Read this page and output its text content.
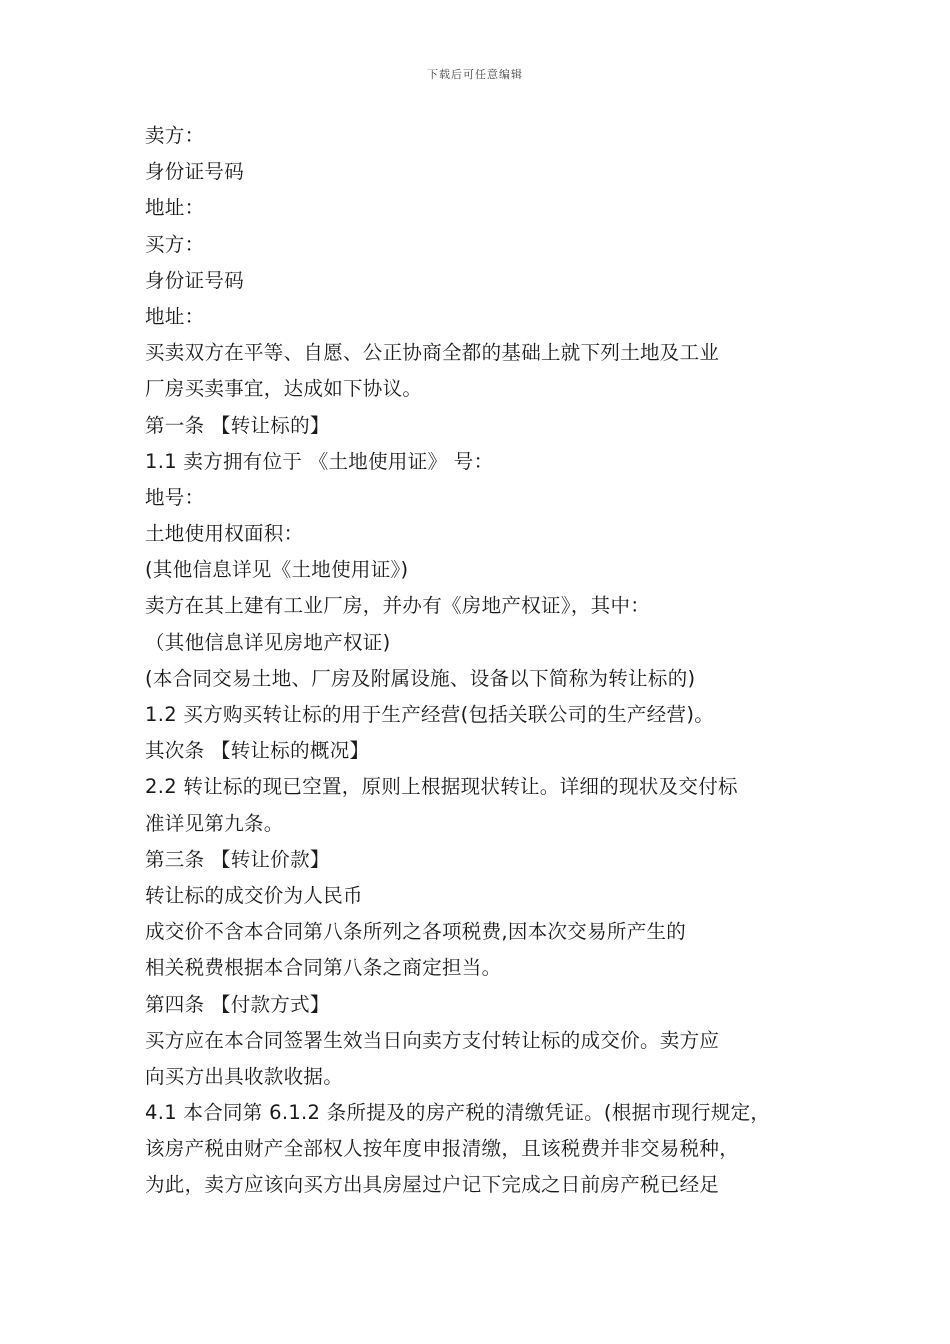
下载后可任意编辑
卖方：
身份证号码
地址：
买方：
身份证号码
地址：
买卖双方在平等、自愿、公正协商全都的基础上就下列土地及工业
厂房买卖事宜，达成如下协议。
第一条 【转让标的】
1.1 卖方拥有位于 《土地使用证》 号：
地号：
土地使用权面积：
(其他信息详见《土地使用证》)
卖方在其上建有工业厂房，并办有《房地产权证》，其中：
（其他信息详见房地产权证)
(本合同交易土地、厂房及附属设施、设备以下简称为转让标的)
1.2 买方购买转让标的用于生产经营(包括关联公司的生产经营)。
其次条 【转让标的概况】
2.2 转让标的现已空置，原则上根据现状转让。详细的现状及交付标
准详见第九条。
第三条 【转让价款】
转让标的成交价为人民币
成交价不含本合同第八条所列之各项税费,因本次交易所产生的
相关税费根据本合同第八条之商定担当。
第四条 【付款方式】
买方应在本合同签署生效当日向卖方支付转让标的成交价。卖方应
向买方出具收款收据。
4.1 本合同第 6.1.2 条所提及的房产税的清缴凭证。(根据市现行规定，
该房产税由财产全部权人按年度申报清缴，且该税费并非交易税种，
为此，卖方应该向买方出具房屋过户记下完成之日前房产税已经足
